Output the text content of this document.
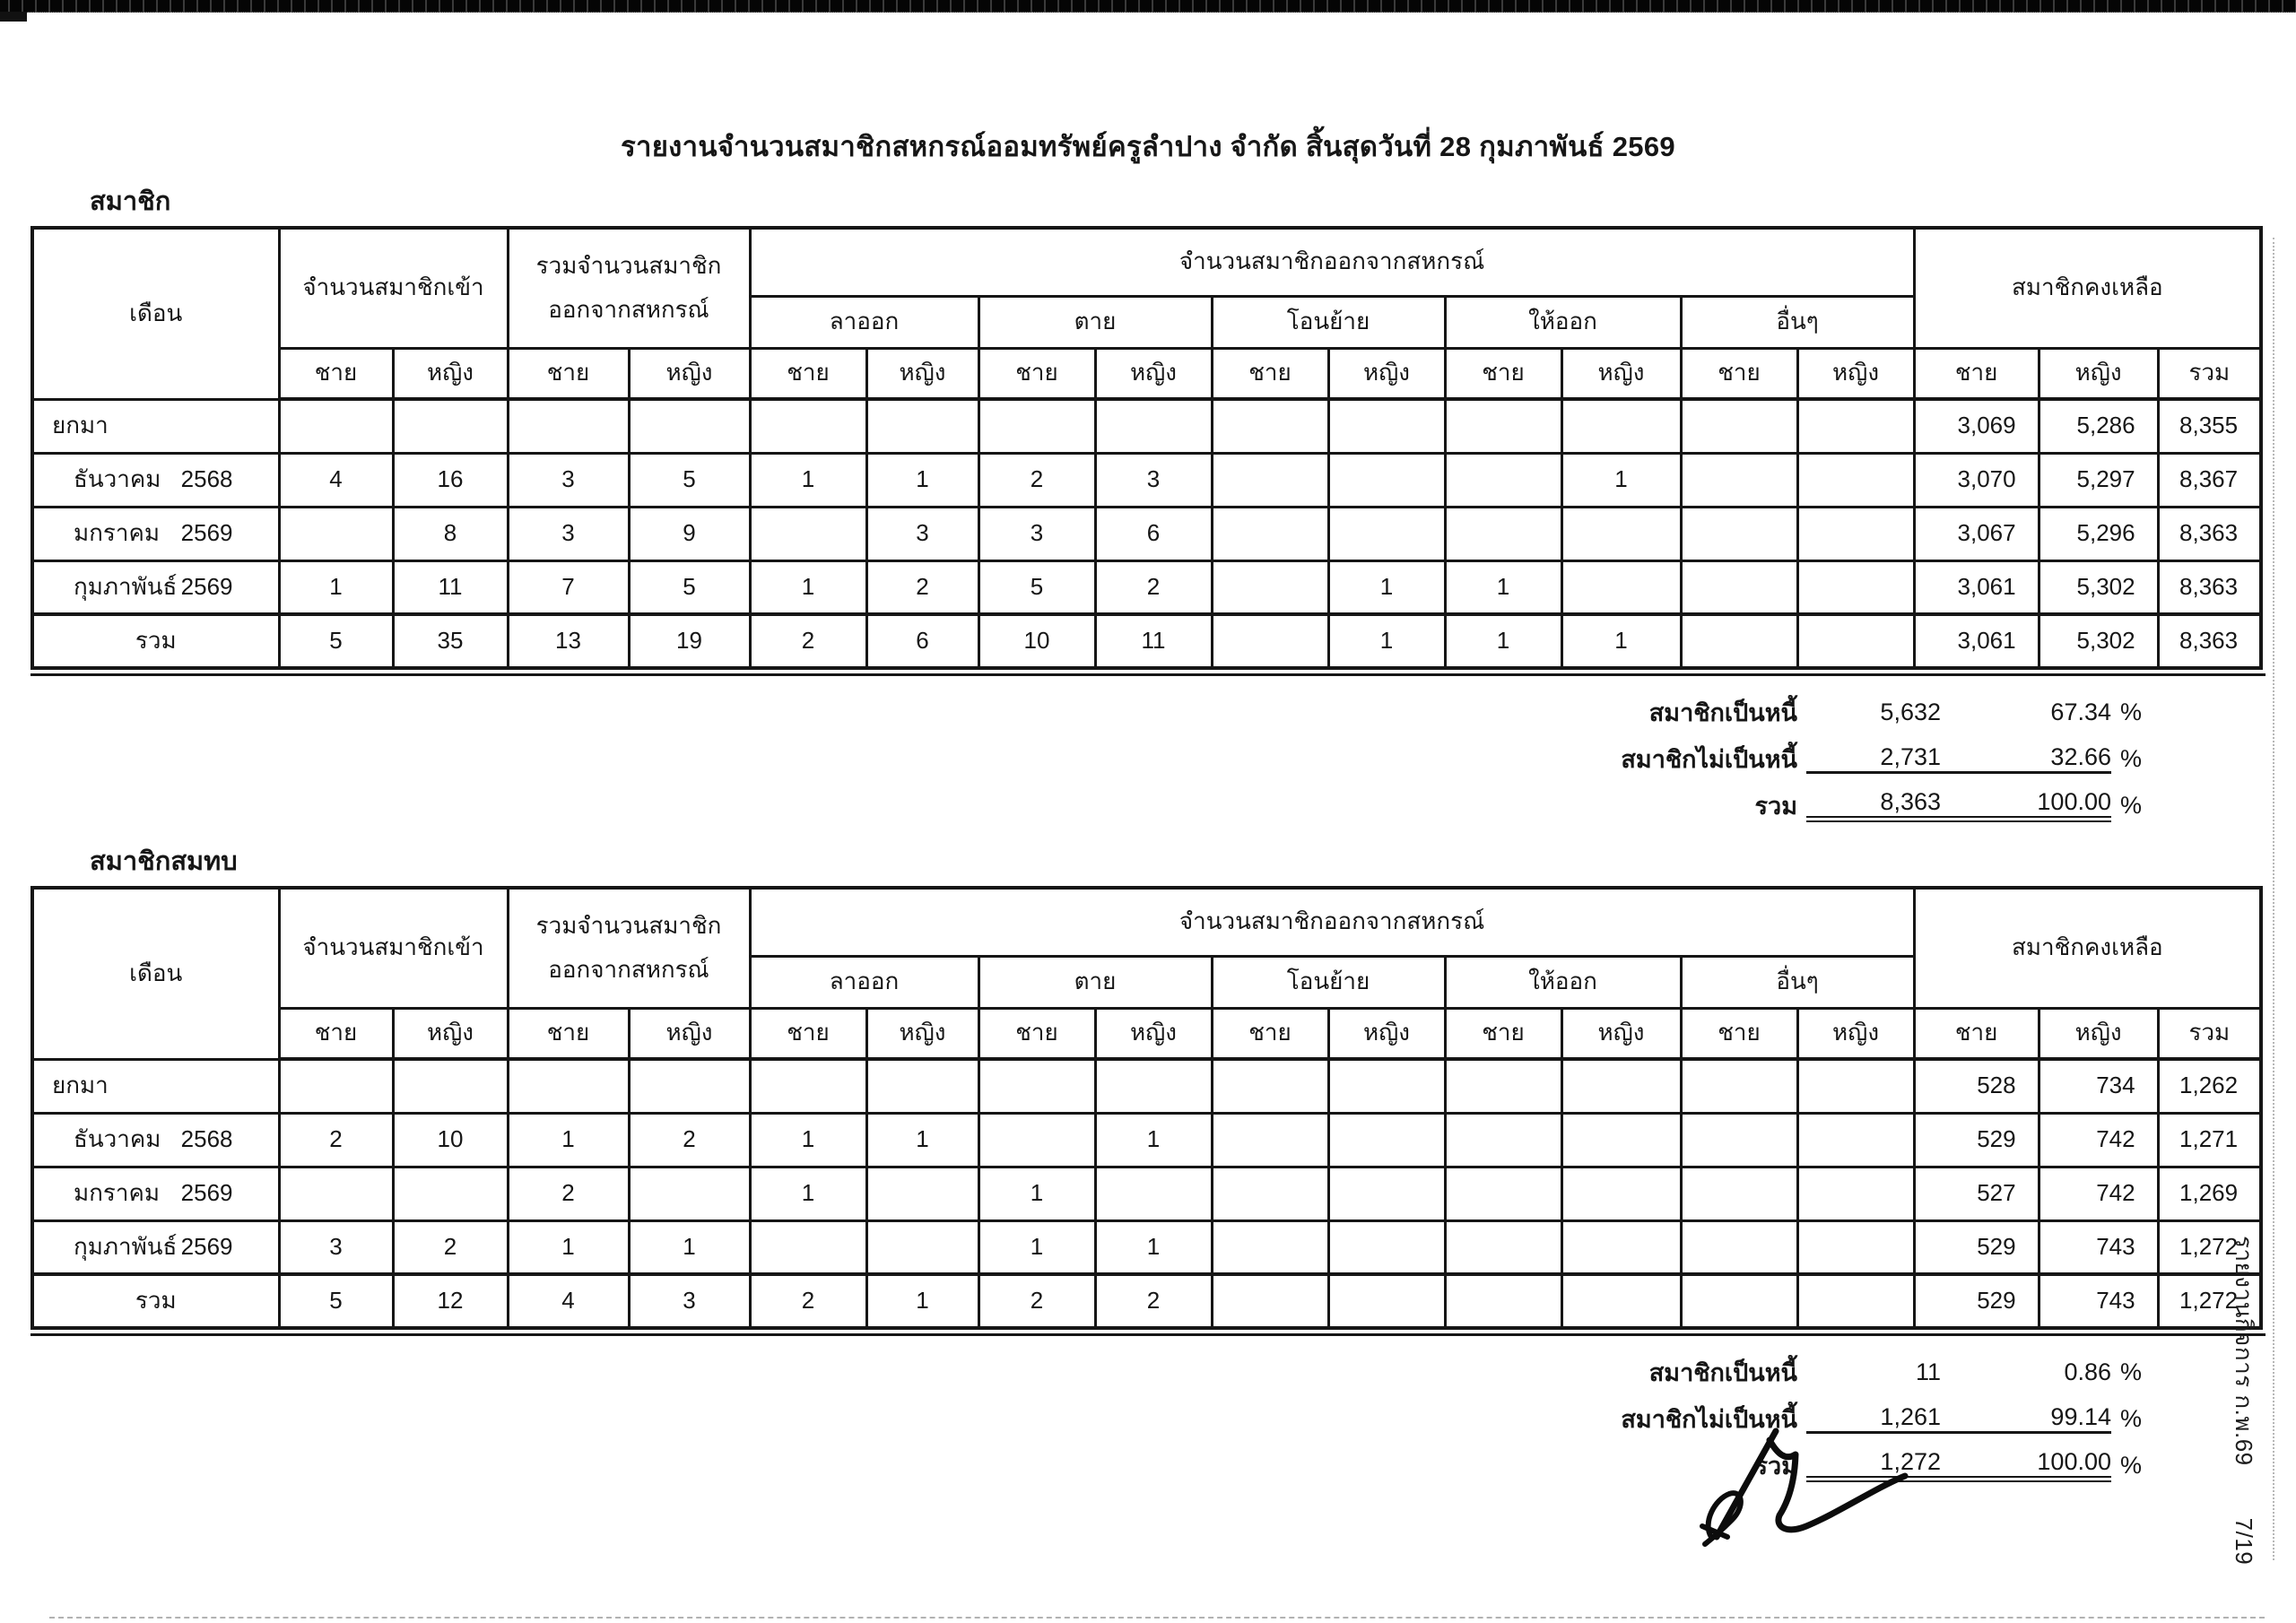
รายงานจำนวนสมาชิกสหกรณ์ออมทรัพย์ครูลำปาง จำกัด สิ้นสุดวันที่ 28 กุมภาพันธ์ 2569
สมาชิก
เดือน	จำนวนสมาชิกเข้า		รวมจำนวนสมาชิก
ออกจากสหกรณ์		จำนวนสมาชิกออกจากสหกรณ์										สมาชิกคงเหลือ		
					ลาออก		ตาย		โอนย้าย		ให้ออก		อื่นๆ				
	ชาย	หญิง	ชาย	หญิง	ชาย	หญิง	ชาย	หญิง	ชาย	หญิง	ชาย	หญิง	ชาย	หญิง	ชาย	หญิง	รวม

ยกมา															3,069	5,286	8,355

ธันวาคม 2568	4	16	3	5	1	1	2	3				1			3,070	5,297	8,367

มกราคม 2569		8	3	9		3	3	6							3,067	5,296	8,363

กุมภาพันธ์ 2569	1	11	7	5	1	2	5	2		1	1				3,061	5,302	8,363

รวม	5	35	13	19	2	6	10	11		1	1	1			3,061	5,302	8,363
สมาชิกเป็นหนี้	5,632	67.34 %
สมาชิกไม่เป็นหนี้	2,731	32.66 %
รวม	8,363	100.00 %
สมาชิกสมทบ
เดือน	จำนวนสมาชิกเข้า		รวมจำนวนสมาชิก
ออกจากสหกรณ์		จำนวนสมาชิกออกจากสหกรณ์										สมาชิกคงเหลือ		
					ลาออก		ตาย		โอนย้าย		ให้ออก		อื่นๆ				
	ชาย	หญิง	ชาย	หญิง	ชาย	หญิง	ชาย	หญิง	ชาย	หญิง	ชาย	หญิง	ชาย	หญิง	ชาย	หญิง	รวม

ยกมา															528	734	1,262

ธันวาคม 2568	2	10	1	2	1	1		1							529	742	1,271

มกราคม 2569			2		1		1								527	742	1,269

กุมภาพันธ์ 2569	3	2	1	1			1	1							529	743	1,272

รวม	5	12	4	3	2	1	2	2							529	743	1,272
สมาชิกเป็นหนี้	11	0.86 %
สมาชิกไม่เป็นหนี้	1,261	99.14 %
รวม	1,272	100.00 %	รายงานกิจการ ก.พ.697/19
